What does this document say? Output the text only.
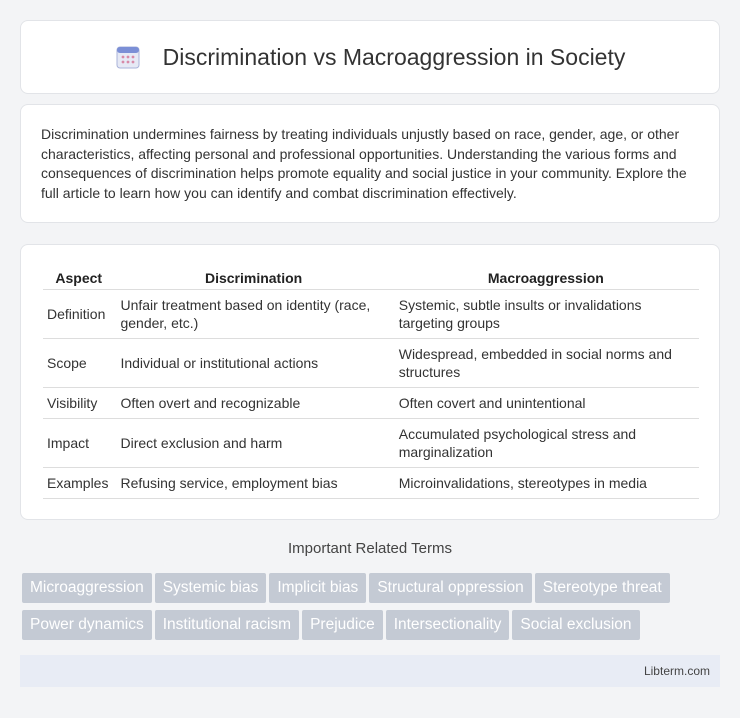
Discrimination vs Macroaggression in Society

Discrimination undermines fairness by treating individuals unjustly based on race, gender, age, or other characteristics, affecting personal and professional opportunities. Understanding the various forms and consequences of discrimination helps promote equality and social justice in your community. Explore the full article to learn how you can identify and combat discrimination effectively.

Aspect	Discrimination	Macroaggression
Definition	Unfair treatment based on identity (race, gender, etc.)	Systemic, subtle insults or invalidations targeting groups
Scope	Individual or institutional actions	Widespread, embedded in social norms and structures
Visibility	Often overt and recognizable	Often covert and unintentional
Impact	Direct exclusion and harm	Accumulated psychological stress and marginalization
Examples	Refusing service, employment bias	Microinvalidations, stereotypes in media
Important Related Terms
Microaggression Systemic bias Implicit bias Structural oppression Stereotype threatPower dynamics Institutional racism Prejudice Intersectionality Social exclusion
Libterm.com
